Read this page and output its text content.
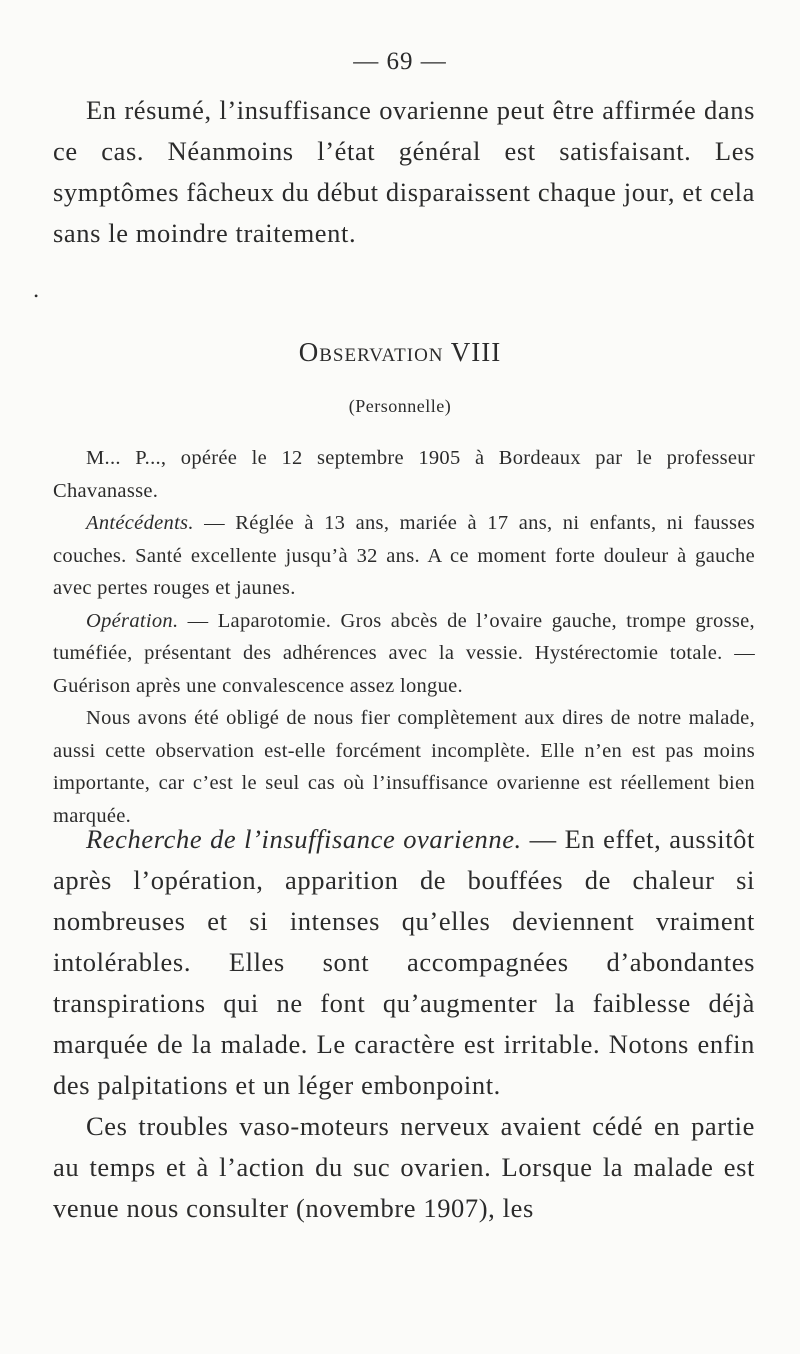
— 69 —

En résumé, l’insuffisance ovarienne peut être affirmée dans ce cas. Néanmoins l’état général est satisfaisant. Les symptômes fâcheux du début disparaissent chaque jour, et cela sans le moindre traitement.

•
Observation VIII
(Personnelle)

M... P..., opérée le 12 septembre 1905 à Bordeaux par le professeur Chavanasse.

Antécédents. — Réglée à 13 ans, mariée à 17 ans, ni enfants, ni fausses couches. Santé excellente jusqu’à 32 ans. A ce moment forte douleur à gauche avec pertes rouges et jaunes.

Opération. — Laparotomie. Gros abcès de l’ovaire gauche, trompe grosse, tuméfiée, présentant des adhérences avec la vessie. Hystérectomie totale. — Guérison après une convalescence assez longue.

Nous avons été obligé de nous fier complètement aux dires de notre malade, aussi cette observation est-elle forcément incomplète. Elle n’en est pas moins importante, car c’est le seul cas où l’insuffisance ovarienne est réellement bien marquée.

Recherche de l’insuffisance ovarienne. — En effet, aussitôt après l’opération, apparition de bouffées de chaleur si nombreuses et si intenses qu’elles deviennent vraiment intolérables. Elles sont accompagnées d’abondantes transpirations qui ne font qu’augmenter la faiblesse déjà marquée de la malade. Le caractère est irritable. Notons enfin des palpitations et un léger embonpoint.

Ces troubles vaso-moteurs nerveux avaient cédé en partie au temps et à l’action du suc ovarien. Lorsque la malade est venue nous consulter (novembre 1907), les
